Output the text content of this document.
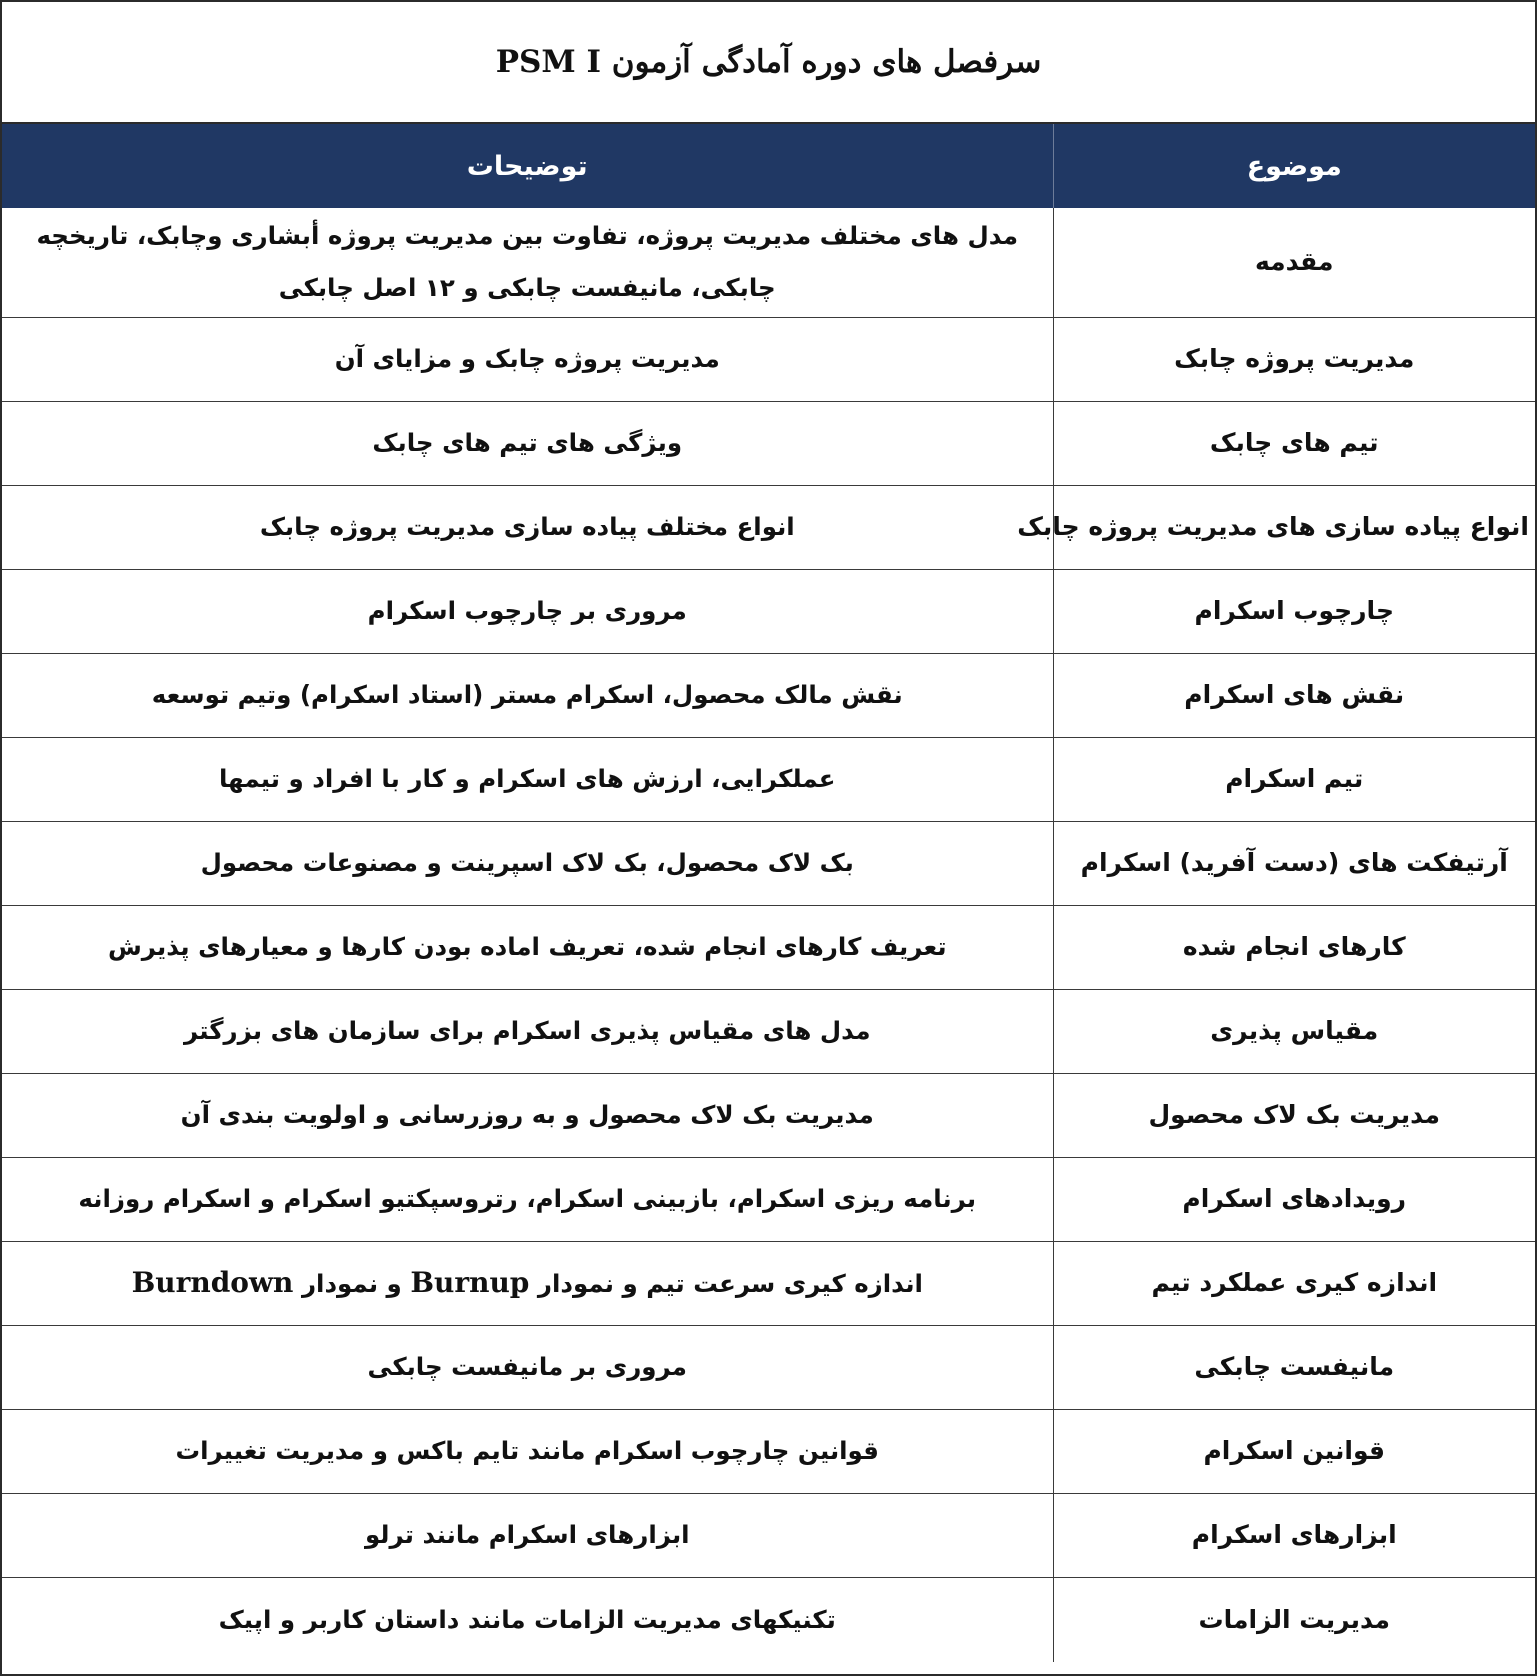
سرفصل های دوره آمادگی آزمون PSM I
موضوع	توضیحات
مقدمه	مدل های مختلف مدیریت پروژه، تفاوت بین مدیریت پروژه أبشاری وچابک، تاریخچه چابکی، مانیفست چابکی و ۱۲ اصل چابکی
مدیریت پروژه چابک	مدیریت پروژه چابک و مزایای آن
تیم های چابک	ویژگی های تیم های چابک
انواع پیاده سازی های مدیریت پروژه چابک	انواع مختلف پیاده سازی مدیریت پروژه چابک
چارچوب اسکرام	مروری بر چارچوب اسکرام
نقش های اسکرام	نقش مالک محصول، اسکرام مستر (استاد اسکرام) وتیم توسعه
تیم اسکرام	عملکرایی، ارزش های اسکرام و کار با افراد و تیمها
آرتیفکت های (دست آفرید) اسکرام	بک لاک محصول، بک لاک اسپرینت و مصنوعات محصول
کارهای انجام شده	تعریف کارهای انجام شده، تعریف اماده بودن کارها و معیارهای پذیرش
مقیاس پذیری	مدل های مقیاس پذیری اسکرام برای سازمان های بزرگتر
مدیریت بک لاک محصول	مدیریت بک لاک محصول و به روزرسانی و اولویت بندی آن
رویدادهای اسکرام	برنامه ریزی اسکرام، بازبینی اسکرام، رتروسپکتیو اسکرام و اسکرام روزانه
اندازه کیری عملکرد تیم	اندازه کیری سرعت تیم و نمودار Burnup و نمودار Burndown
مانیفست چابکی	مروری بر مانیفست چابکی
قوانین اسکرام	قوانین چارچوب اسکرام مانند تایم باکس و مدیریت تغییرات
ابزارهای اسکرام	ابزارهای اسکرام مانند ترلو
مدیریت الزامات	تکنیکهای مدیریت الزامات مانند داستان کاربر و اپیک
